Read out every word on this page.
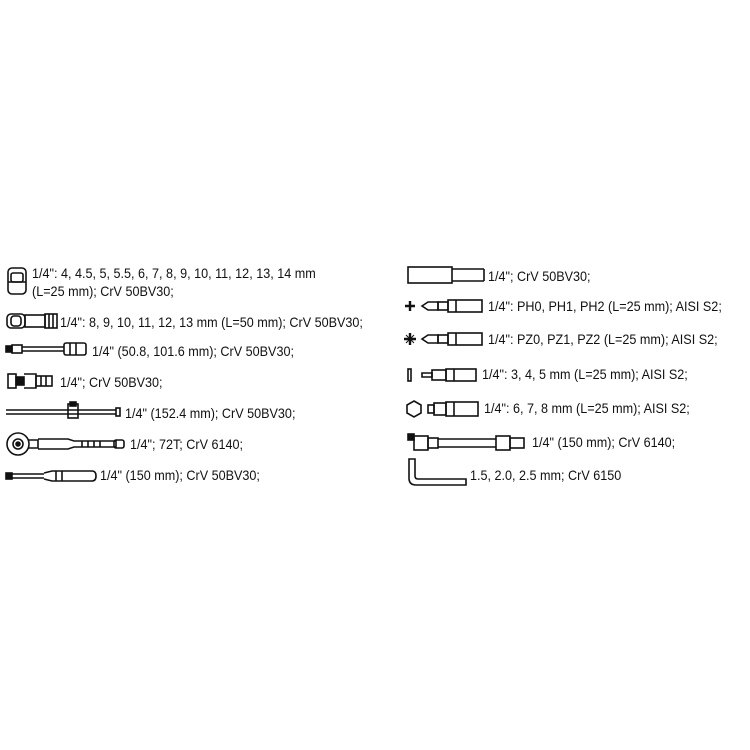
1/4": 4, 4.5, 5, 5.5, 6, 7, 8, 9, 10, 11, 12, 13, 14 mm
(L=25 mm); CrV 50BV30;
1/4": 8, 9, 10, 11, 12, 13 mm (L=50 mm); CrV 50BV30;
1/4" (50.8, 101.6 mm); CrV 50BV30;
1/4"; CrV 50BV30;
1/4" (152.4 mm); CrV 50BV30;
1/4"; 72T; CrV 6140;
1/4" (150 mm); CrV 50BV30;
1/4"; CrV 50BV30;
1/4": PH0, PH1, PH2 (L=25 mm); AISI S2;
1/4": PZ0, PZ1, PZ2 (L=25 mm); AISI S2;
1/4": 3, 4, 5 mm (L=25 mm); AISI S2;
1/4": 6, 7, 8 mm (L=25 mm); AISI S2;
1/4" (150 mm); CrV 6140;
1.5, 2.0, 2.5 mm; CrV 6150
